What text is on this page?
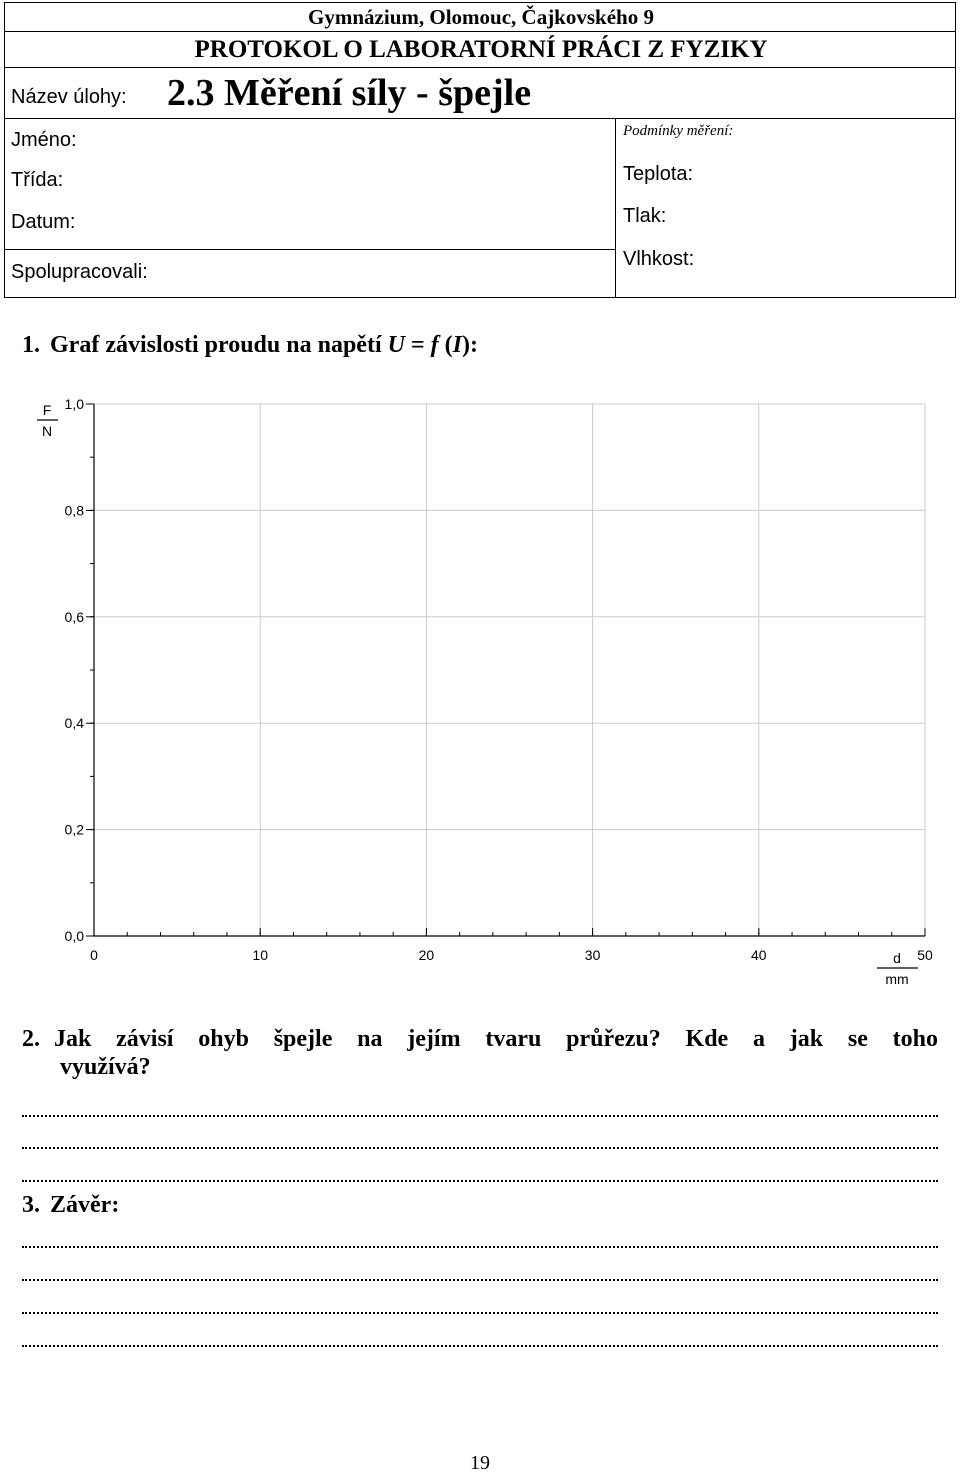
Gymnázium, Olomouc, Čajkovského 9
PROTOKOL O LABORATORNÍ PRÁCI Z FYZIKY
Název úlohy: 2.3 Měření síly - špejle
Jméno:
Třída:
Datum:
Spolupracovali:
Podmínky měření:
Teplota:
Tlak:
Vlhkost:
1. Graf závislosti proudu na napětí U = f (I):
0	10	20	30	40	50
0,0
0,2
0,4
0,6
0,8
1,0
F
N
d
mm
2. Jak závisí ohyb špejle na jejím tvaru průřezu? Kde a jak se toho
využívá?
3. Závěr:
19
